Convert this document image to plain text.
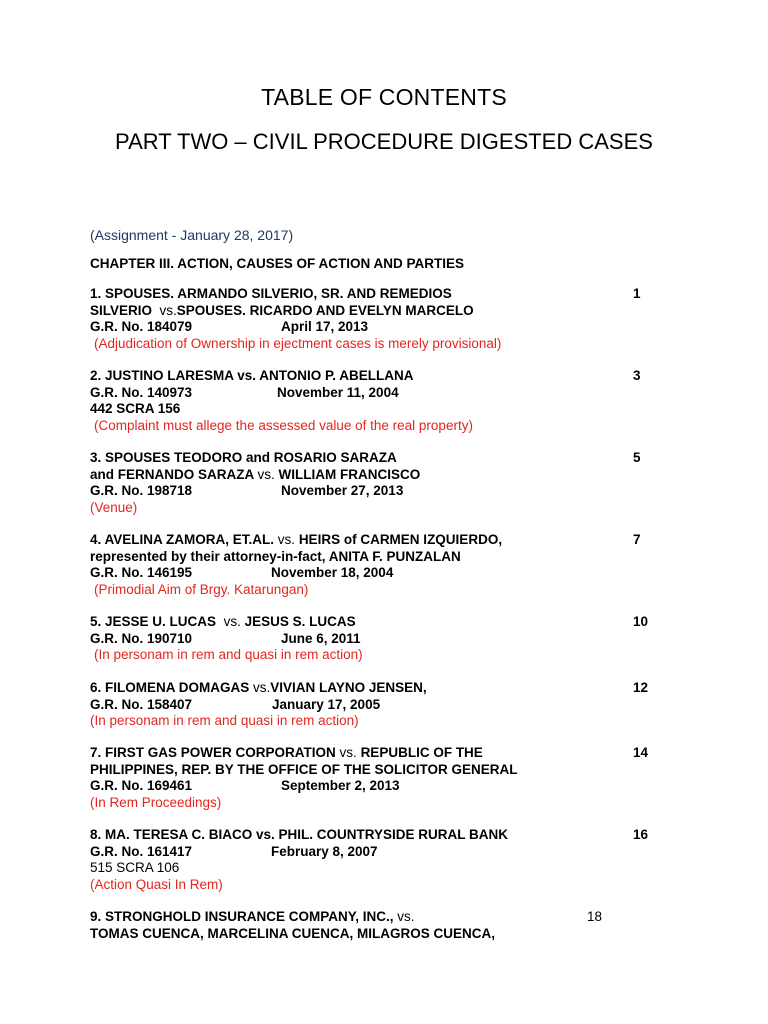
TABLE OF CONTENTS
PART TWO – CIVIL PROCEDURE DIGESTED CASES
(Assignment - January 28, 2017)
CHAPTER III. ACTION, CAUSES OF ACTION AND PARTIES
1. SPOUSES. ARMANDO SILVERIO, SR. AND REMEDIOS	1
SILVERIO vs.SPOUSES. RICARDO AND EVELYN MARCELO
G.R. No. 184079	April 17, 2013
(Adjudication of Ownership in ejectment cases is merely provisional)
2. JUSTINO LARESMA vs. ANTONIO P. ABELLANA	3
G.R. No. 140973	November 11, 2004
442 SCRA 156
(Complaint must allege the assessed value of the real property)
3. SPOUSES TEODORO and ROSARIO SARAZA	5
and FERNANDO SARAZA vs. WILLIAM FRANCISCO
G.R. No. 198718	November 27, 2013
(Venue)
4. AVELINA ZAMORA, ET.AL. vs. HEIRS of CARMEN IZQUIERDO,	7
represented by their attorney-in-fact, ANITA F. PUNZALAN
G.R. No. 146195	November 18, 2004
(Primodial Aim of Brgy. Katarungan)
5. JESSE U. LUCAS vs. JESUS S. LUCAS	10
G.R. No. 190710	June 6, 2011
(In personam in rem and quasi in rem action)
6. FILOMENA DOMAGAS vs.VIVIAN LAYNO JENSEN,	12
G.R. No. 158407	January 17, 2005
(In personam in rem and quasi in rem action)
7. FIRST GAS POWER CORPORATION vs. REPUBLIC OF THE	14
PHILIPPINES, REP. BY THE OFFICE OF THE SOLICITOR GENERAL
G.R. No. 169461	September 2, 2013
(In Rem Proceedings)
8. MA. TERESA C. BIACO vs. PHIL. COUNTRYSIDE RURAL BANK	16
G.R. No. 161417	February 8, 2007
515 SCRA 106
(Action Quasi In Rem)
9. STRONGHOLD INSURANCE COMPANY, INC., vs.	18
TOMAS CUENCA, MARCELINA CUENCA, MILAGROS CUENCA,
